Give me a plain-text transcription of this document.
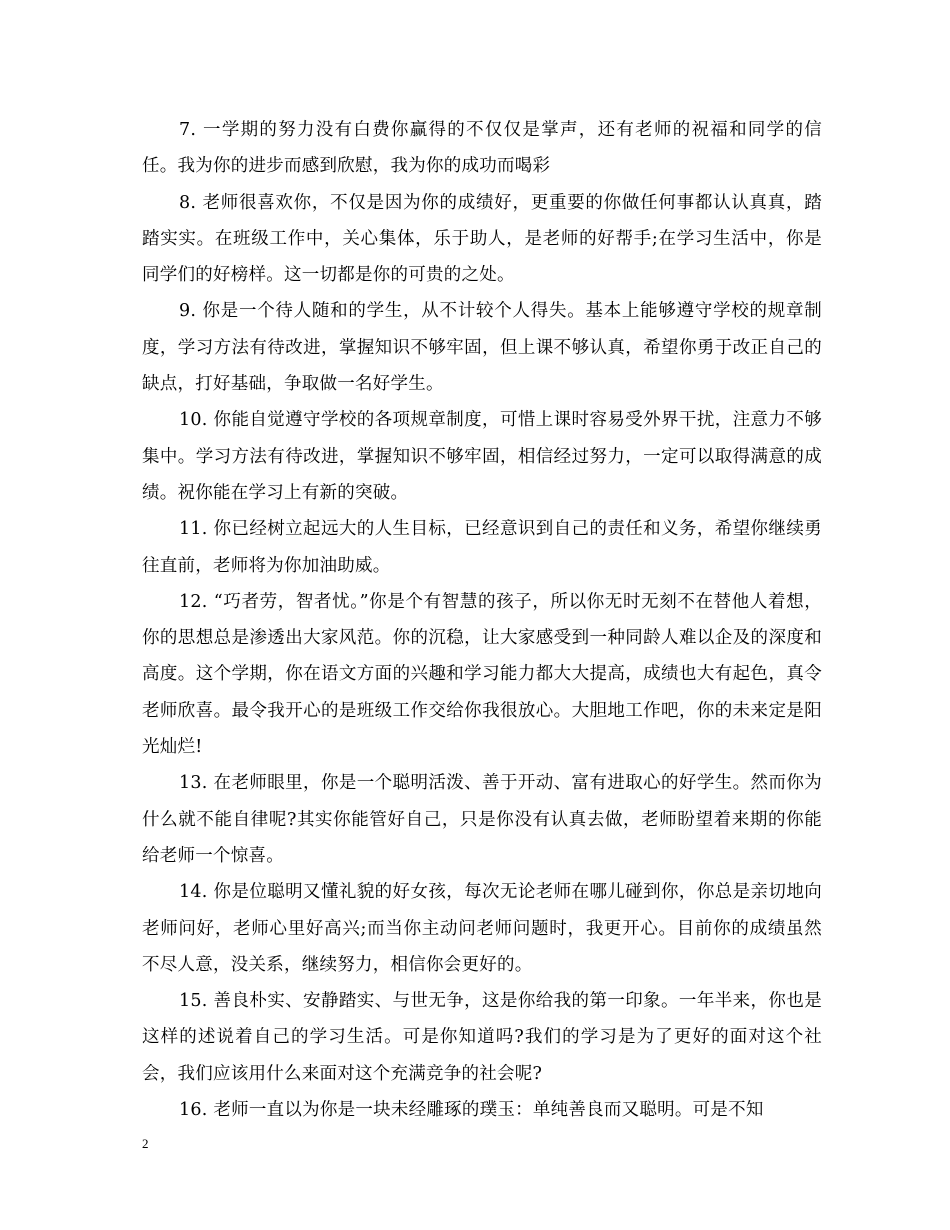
7. 一学期的努力没有白费你赢得的不仅仅是掌声，还有老师的祝福和同学的信任。我为你的进步而感到欣慰，我为你的成功而喝彩

8. 老师很喜欢你，不仅是因为你的成绩好，更重要的你做任何事都认认真真，踏踏实实。在班级工作中，关心集体，乐于助人，是老师的好帮手;在学习生活中，你是同学们的好榜样。这一切都是你的可贵的之处。

9. 你是一个待人随和的学生，从不计较个人得失。基本上能够遵守学校的规章制度，学习方法有待改进，掌握知识不够牢固，但上课不够认真，希望你勇于改正自己的缺点，打好基础，争取做一名好学生。

10. 你能自觉遵守学校的各项规章制度，可惜上课时容易受外界干扰，注意力不够集中。学习方法有待改进，掌握知识不够牢固，相信经过努力，一定可以取得满意的成绩。祝你能在学习上有新的突破。

11. 你已经树立起远大的人生目标，已经意识到自己的责任和义务，希望你继续勇往直前，老师将为你加油助威。

12. “巧者劳，智者忧。”你是个有智慧的孩子，所以你无时无刻不在替他人着想，你的思想总是渗透出大家风范。你的沉稳，让大家感受到一种同龄人难以企及的深度和高度。这个学期，你在语文方面的兴趣和学习能力都大大提高，成绩也大有起色，真令老师欣喜。最令我开心的是班级工作交给你我很放心。大胆地工作吧，你的未来定是阳光灿烂!

13. 在老师眼里，你是一个聪明活泼、善于开动、富有进取心的好学生。然而你为什么就不能自律呢?其实你能管好自己，只是你没有认真去做，老师盼望着来期的你能给老师一个惊喜。

14. 你是位聪明又懂礼貌的好女孩，每次无论老师在哪儿碰到你，你总是亲切地向老师问好，老师心里好高兴;而当你主动问老师问题时，我更开心。目前你的成绩虽然不尽人意，没关系，继续努力，相信你会更好的。

15. 善良朴实、安静踏实、与世无争，这是你给我的第一印象。一年半来，你也是这样的述说着自己的学习生活。可是你知道吗?我们的学习是为了更好的面对这个社会，我们应该用什么来面对这个充满竞争的社会呢?

16. 老师一直以为你是一块未经雕琢的璞玉：单纯善良而又聪明。可是不知

2
